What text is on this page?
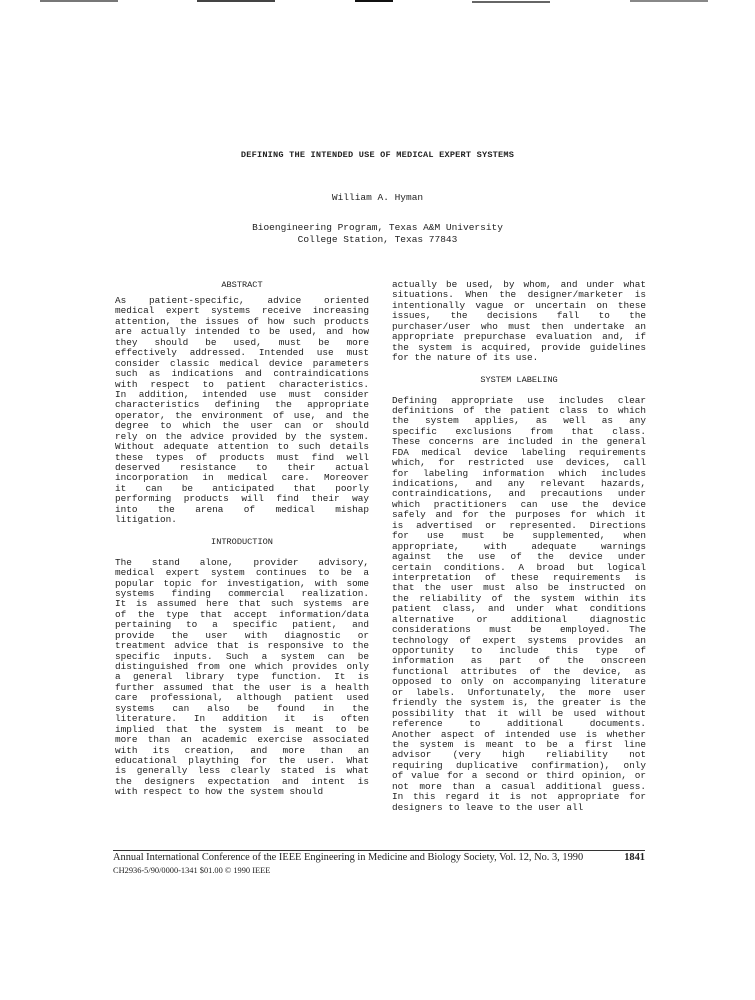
DEFINING THE INTENDED USE OF MEDICAL EXPERT SYSTEMS
William A. Hyman
Bioengineering Program, Texas A&M University
College Station, Texas 77843
ABSTRACT
As patient-specific, advice oriented
medical expert systems receive increasing
attention, the issues of how such products
are actually intended to be used, and how
they should be used, must be more
effectively addressed. Intended use must
consider classic medical device parameters
such as indications and contraindications
with respect to patient characteristics.
In addition, intended use must consider
characteristics defining the appropriate
operator, the environment of use, and the
degree to which the user can or should
rely on the advice provided by the system.
Without adequate attention to such details
these types of products must find well
deserved resistance to their actual
incorporation in medical care. Moreover
it can be anticipated that poorly
performing products will find their way
into the arena of medical mishap
litigation.
INTRODUCTION
The stand alone, provider advisory,
medical expert system continues to be a
popular topic for investigation, with some
systems finding commercial realization.
It is assumed here that such systems are
of the type that accept information/data
pertaining to a specific patient, and
provide the user with diagnostic or
treatment advice that is responsive to the
specific inputs. Such a system can be
distinguished from one which provides only
a general library type function. It is
further assumed that the user is a health
care professional, although patient used
systems can also be found in the
literature. In addition it is often
implied that the system is meant to be
more than an academic exercise associated
with its creation, and more than an
educational plaything for the user. What
is generally less clearly stated is what
the designers expectation and intent is
with respect to how the system should
actually be used, by whom, and under what
situations. When the designer/marketer is
intentionally vague or uncertain on these
issues, the decisions fall to the
purchaser/user who must then undertake an
appropriate prepurchase evaluation and, if
the system is acquired, provide guidelines
for the nature of its use.
SYSTEM LABELING
Defining appropriate use includes clear
definitions of the patient class to which
the system applies, as well as any
specific exclusions from that class.
These concerns are included in the general
FDA medical device labeling requirements
which, for restricted use devices, call
for labeling information which includes
indications, and any relevant hazards,
contraindications, and precautions under
which practitioners can use the device
safely and for the purposes for which it
is advertised or represented. Directions
for use must be supplemented, when
appropriate, with adequate warnings
against the use of the device under
certain conditions. A broad but logical
interpretation of these requirements is
that the user must also be instructed on
the reliability of the system within its
patient class, and under what conditions
alternative or additional diagnostic
considerations must be employed. The
technology of expert systems provides an
opportunity to include this type of
information as part of the onscreen
functional attributes of the device, as
opposed to only on accompanying literature
or labels. Unfortunately, the more user
friendly the system is, the greater is the
possibility that it will be used without
reference to additional documents.
Another aspect of intended use is whether
the system is meant to be a first line
advisor (very high reliability not
requiring duplicative confirmation), only
of value for a second or third opinion, or
not more than a casual additional guess.
In this regard it is not appropriate for
designers to leave to the user all
Annual International Conference of the IEEE Engineering in Medicine and Biology Society, Vol. 12, No. 3, 1990	1841
CH2936-5/90/0000-1341 $01.00 © 1990 IEEE
